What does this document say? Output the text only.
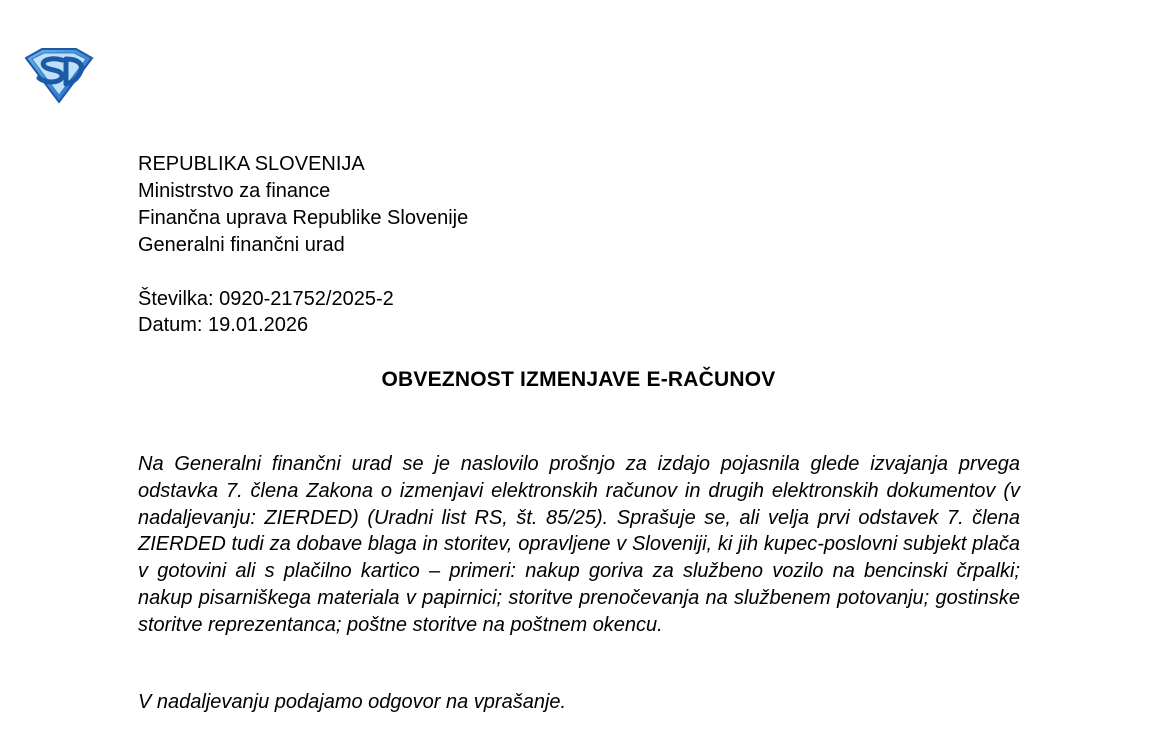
REPUBLIKA SLOVENIJA
Ministrstvo za finance
Finančna uprava Republike Slovenije
Generalni finančni urad
Številka: 0920-21752/2025-2
Datum: 19.01.2026
OBVEZNOST IZMENJAVE E-RAČUNOV

Na Generalni finančni urad se je naslovilo prošnjo za izdajo pojasnila glede izvajanja prvega odstavka 7. člena Zakona o izmenjavi elektronskih računov in drugih elektronskih dokumentov (v nadaljevanju: ZIERDED) (Uradni list RS, št. 85/25). Sprašuje se, ali velja prvi odstavek 7. člena ZIERDED tudi za dobave blaga in storitev, opravljene v Sloveniji, ki jih kupec-poslovni subjekt plača v gotovini ali s plačilno kartico – primeri: nakup goriva za službeno vozilo na bencinski črpalki; nakup pisarniškega materiala v papirnici; storitve prenočevanja na službenem potovanju; gostinske storitve reprezentanca; poštne storitve na poštnem okencu.

V nadaljevanju podajamo odgovor na vprašanje.
